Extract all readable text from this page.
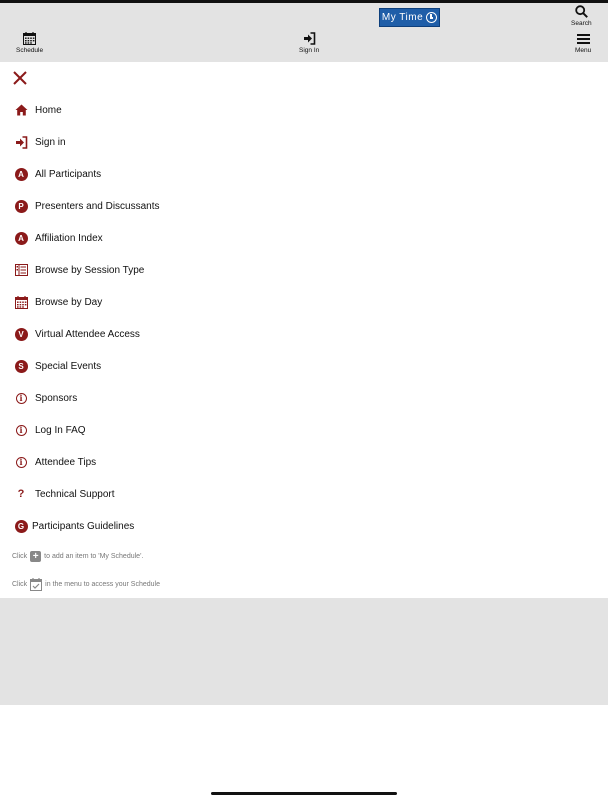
My Time
Schedule	Sign In
Search
Menu
Home
Sign in
A	All Participants
P	Presenters and Discussants
A	Affiliation Index
Browse by Session Type
Browse by Day
V	Virtual Attendee Access
S	Special Events
i	Sponsors
i	Log In FAQ
i	Attendee Tips
? Technical Support
G Participants Guidelines
Click + to add an item to 'My Schedule'.
Click	in the menu to access your Schedule
